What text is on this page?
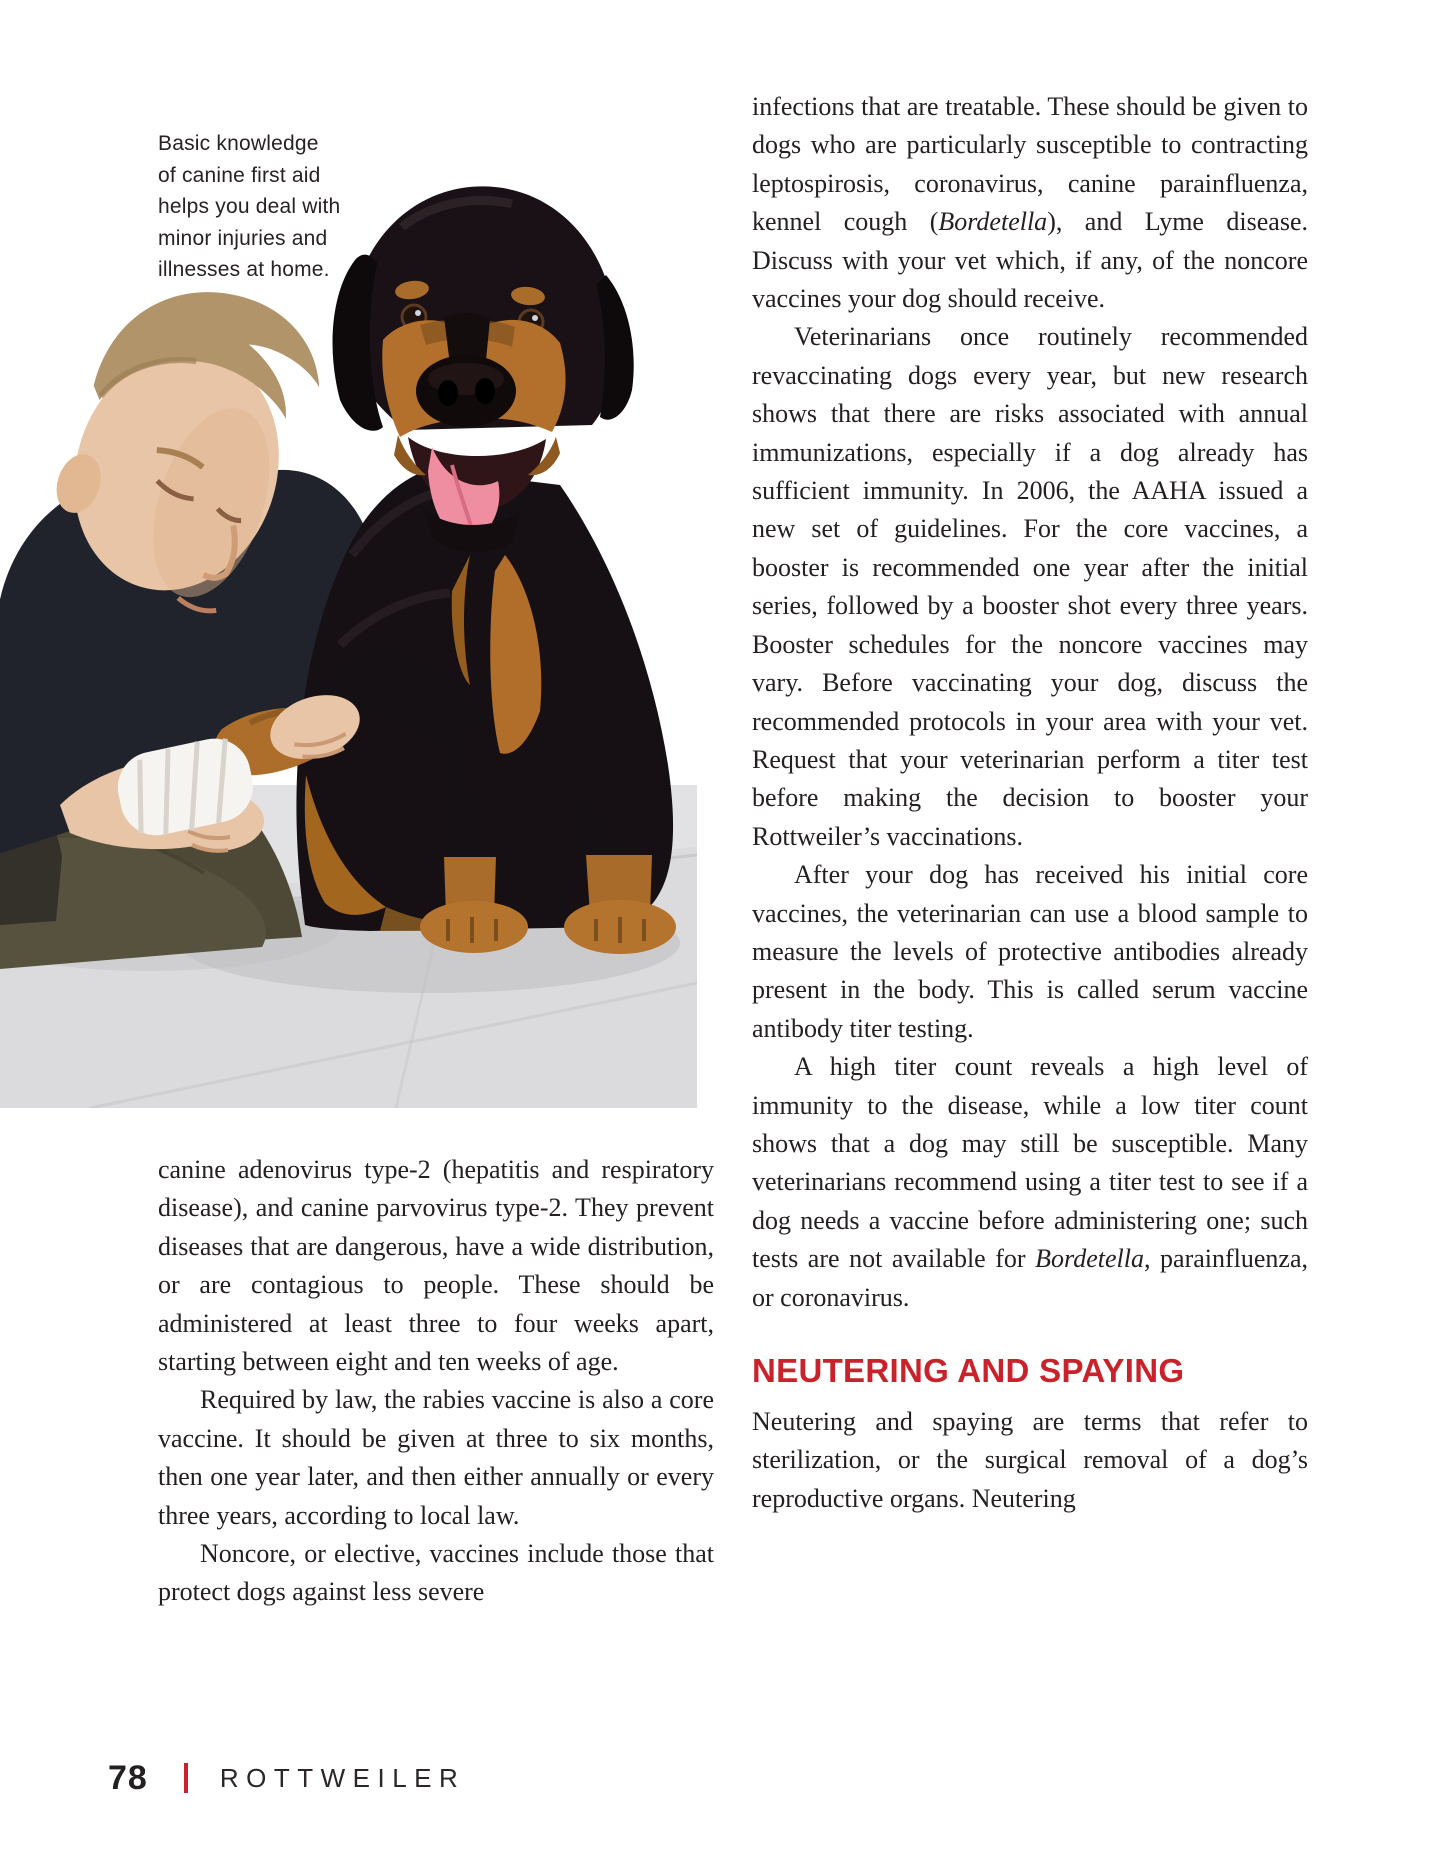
Basic knowledge
of canine first aid
helps you deal with
minor injuries and
illnesses at home.

canine adenovirus type-2 (hepatitis and respiratory disease), and canine parvovirus type-2. They prevent diseases that are dangerous, have a wide distribution, or are contagious to people. These should be administered at least three to four weeks apart, starting between eight and ten weeks of age.

Required by law, the rabies vaccine is also a core vaccine. It should be given at three to six months, then one year later, and then either annually or every three years, according to local law.

Noncore, or elective, vaccines include those that protect dogs against less severe

infections that are treatable. These should be given to dogs who are particularly susceptible to contracting leptospirosis, coronavirus, canine parainfluenza, kennel cough (Bordetella), and Lyme disease. Discuss with your vet which, if any, of the noncore vaccines your dog should receive.

Veterinarians once routinely recommended revaccinating dogs every year, but new research shows that there are risks associated with annual immunizations, especially if a dog already has sufficient immunity. In 2006, the AAHA issued a new set of guidelines. For the core vaccines, a booster is recommended one year after the initial series, followed by a booster shot every three years. Booster schedules for the noncore vaccines may vary. Before vaccinating your dog, discuss the recommended protocols in your area with your vet. Request that your veterinarian perform a titer test before making the decision to booster your Rottweiler’s vaccinations.

After your dog has received his initial core vaccines, the veterinarian can use a blood sample to measure the levels of protective antibodies already present in the body. This is called serum vaccine antibody titer testing.

A high titer count reveals a high level of immunity to the disease, while a low titer count shows that a dog may still be susceptible. Many veterinarians recommend using a titer test to see if a dog needs a vaccine before administering one; such tests are not available for Bordetella, parainfluenza, or coronavirus.

NEUTERING AND SPAYING

Neutering and spaying are terms that refer to sterilization, or the surgical removal of a dog’s reproductive organs. Neutering

78	ROTTWEILER
